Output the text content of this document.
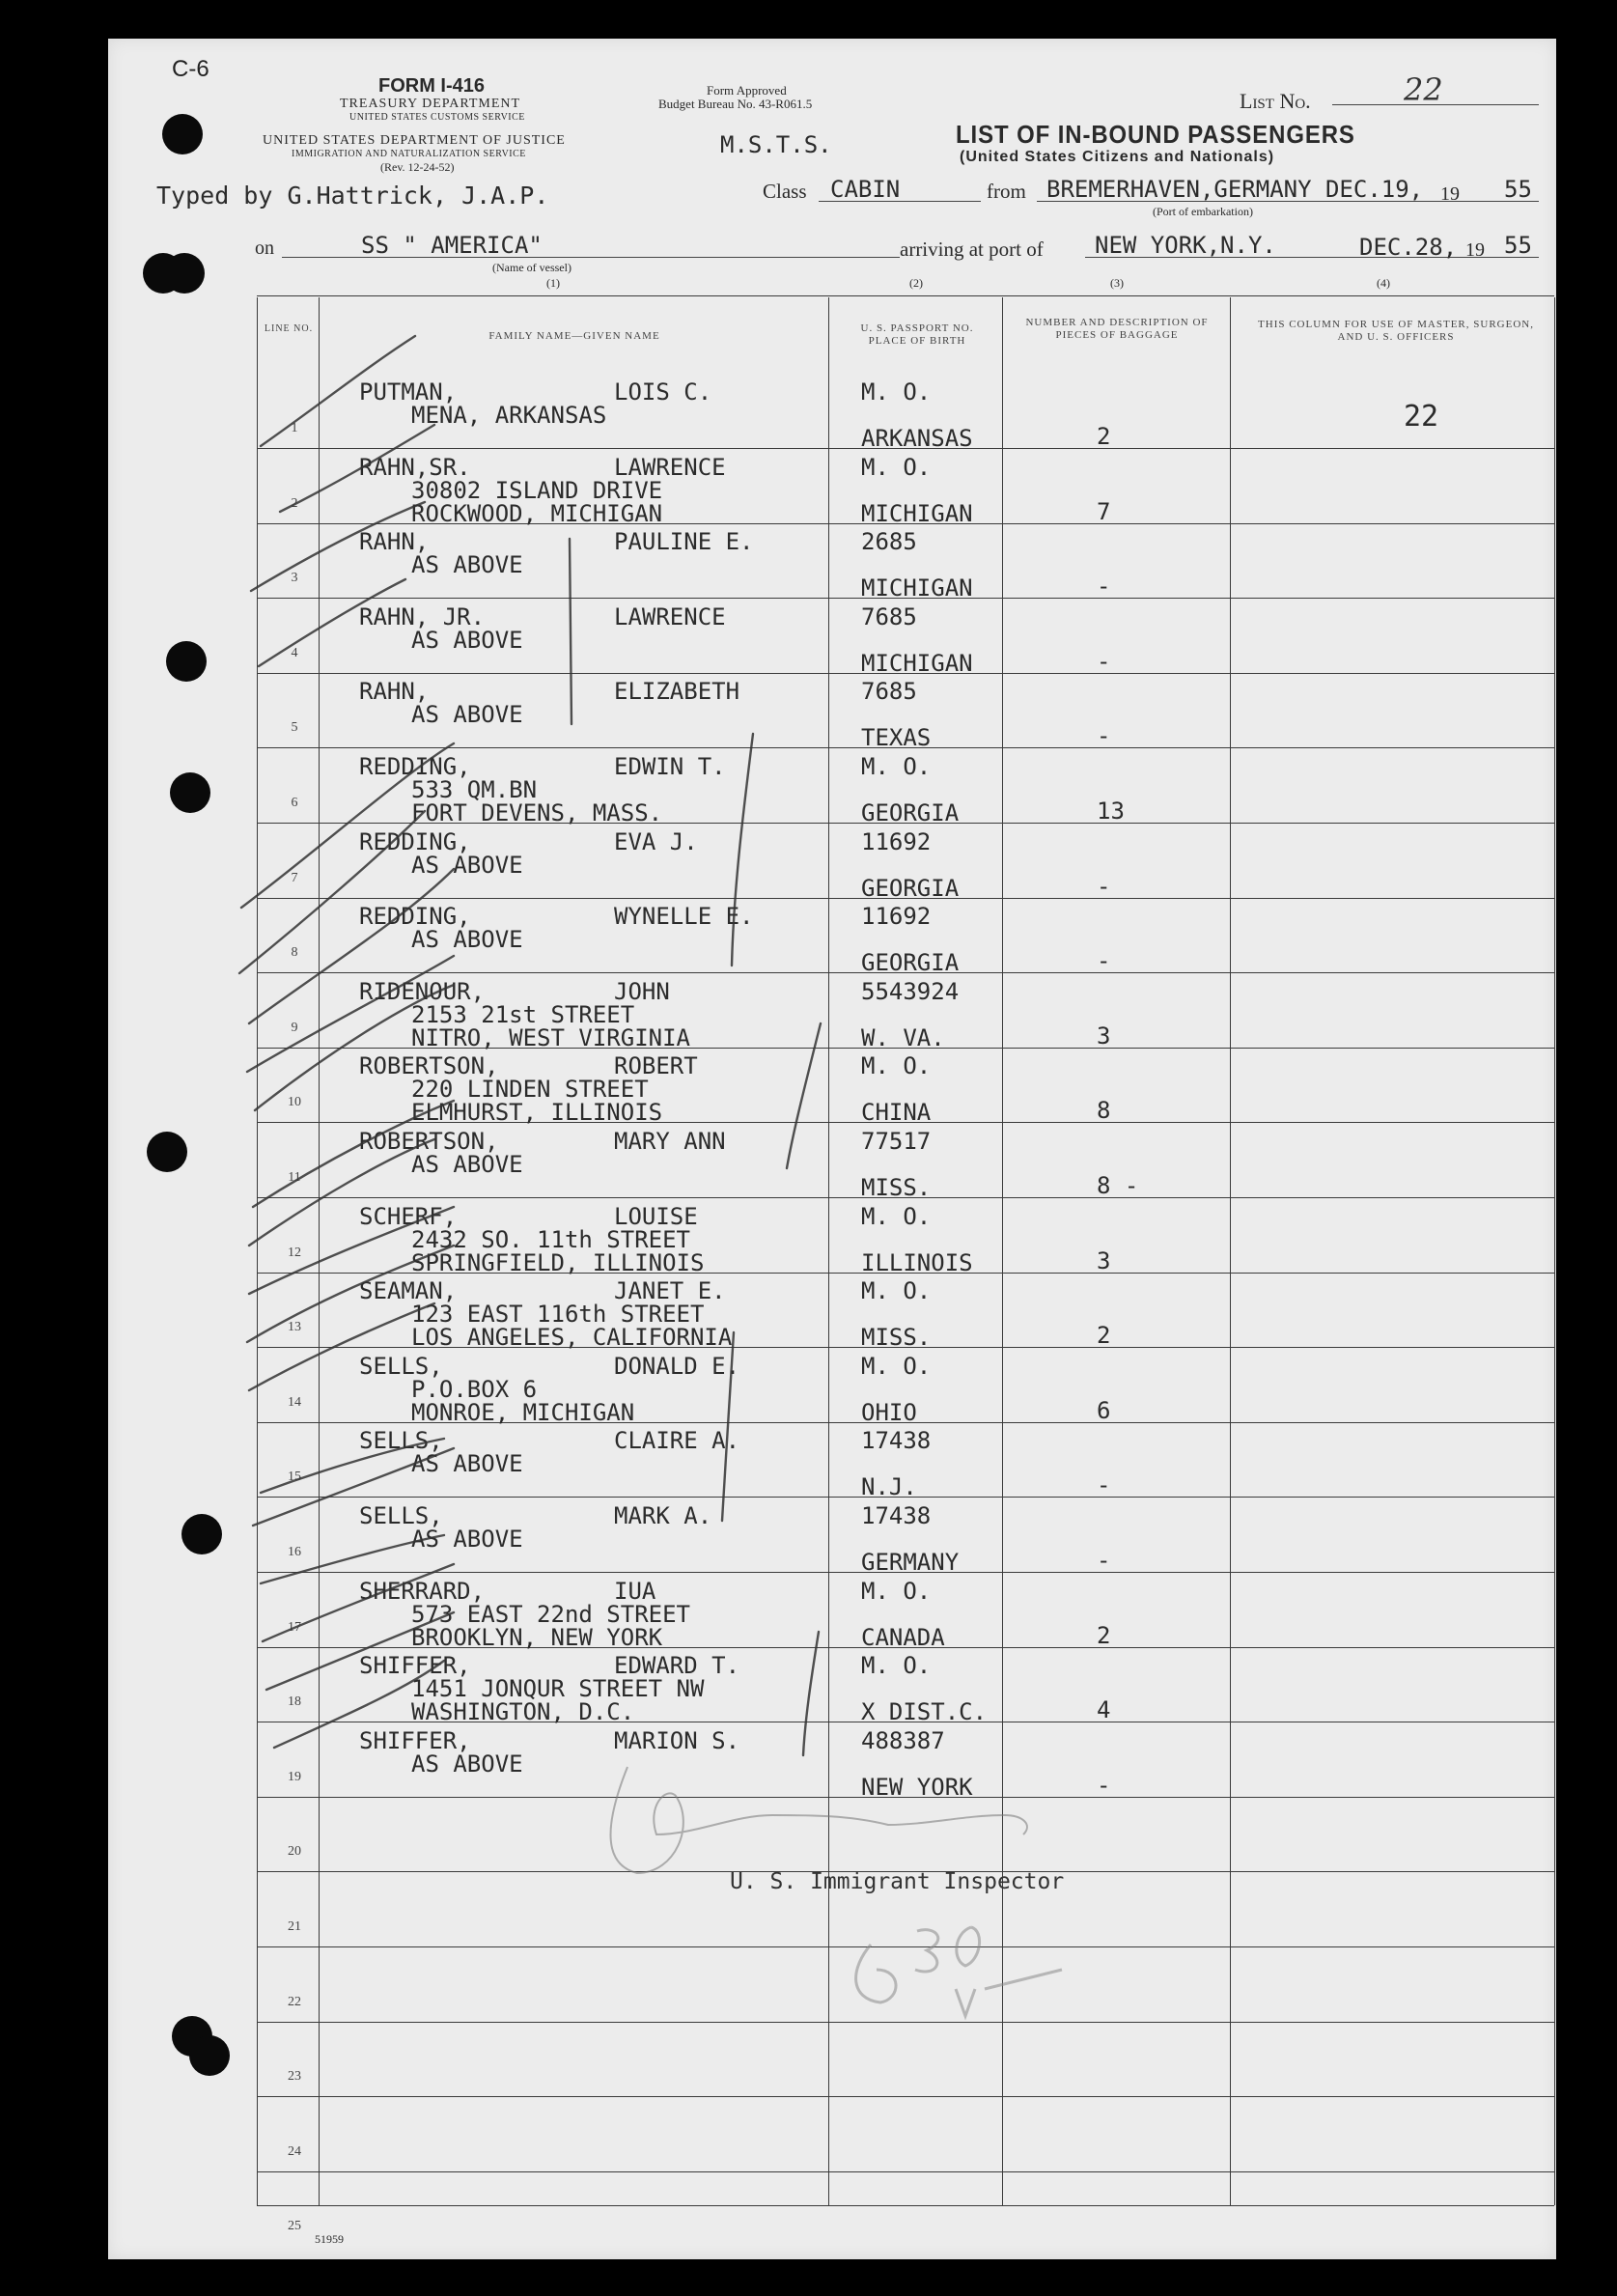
C-6
FORM I-416
TREASURY DEPARTMENT
UNITED STATES CUSTOMS SERVICE
UNITED STATES DEPARTMENT OF JUSTICE
IMMIGRATION AND NATURALIZATION SERVICE
(Rev. 12-24-52)
Form Approved
Budget Bureau No. 43-R061.5
M.S.T.S.	LIST OF IN-BOUND PASSENGERS
(United States Citizens and Nationals)
List No.	22
Typed by G.Hattrick, J.A.P.	Class CABIN	from BREMERHAVEN,GERMANY DEC.19, 19 55
(Port of embarkation)
on	SS " AMERICA"
(Name of vessel)
arriving at port of NEW YORK,N.Y.	DEC.28, 19 55
(1)	(2)	(3)	(4)
LINE NO.
FAMILY NAME—GIVEN NAME
U. S. PASSPORT NO. PLACE OF BIRTH
NUMBER AND DESCRIPTION OF PIECES OF BAGGAGE
THIS COLUMN FOR USE OF MASTER, SURGEON, AND U. S. OFFICERS
1
PUTMAN,	LOIS C.
MENA, ARKANSAS
M. O.
ARKANSAS	2
22
2
RAHN,SR.	LAWRENCE
30802 ISLAND DRIVE
ROCKWOOD, MICHIGAN
M. O.
MICHIGAN	7
3
RAHN,	PAULINE E.
AS ABOVE
2685
MICHIGAN	-
4
RAHN, JR.	LAWRENCE
AS ABOVE
7685
MICHIGAN	-
5
RAHN,	ELIZABETH
AS ABOVE
7685
TEXAS	-
6
REDDING,	EDWIN T.
533 QM.BN
FORT DEVENS, MASS.
M. O.
GEORGIA	13
7
REDDING,	EVA J.
AS ABOVE
11692
GEORGIA	-
8
REDDING,	WYNELLE E.
AS ABOVE
11692
GEORGIA	-
9
RIDENOUR,	JOHN
2153 21st STREET
NITRO, WEST VIRGINIA
5543924
W. VA.	3
10
ROBERTSON,	ROBERT
220 LINDEN STREET
ELMHURST, ILLINOIS
M. O.
CHINA	8
11
ROBERTSON,	MARY ANN
AS ABOVE
77517
MISS.	8 -
12
SCHERF,	LOUISE
2432 SO. 11th STREET
SPRINGFIELD, ILLINOIS
M. O.
ILLINOIS	3
13
SEAMAN,	JANET E.
123 EAST 116th STREET
LOS ANGELES, CALIFORNIA
M. O.
MISS.	2
14
SELLS,	DONALD E.
P.O.BOX 6
MONROE, MICHIGAN
M. O.
OHIO	6
15
SELLS,	CLAIRE A.
AS ABOVE
17438
N.J.	-
16
SELLS,	MARK A.
AS ABOVE
17438
GERMANY	-
17
SHERRARD,	IUA
573 EAST 22nd STREET
BROOKLYN, NEW YORK
M. O.
CANADA	2
18
SHIFFER,	EDWARD T.
1451 JONQUR STREET NW
WASHINGTON, D.C.
M. O.
X DIST.C.	4
19
SHIFFER,	MARION S.
AS ABOVE
488387
NEW YORK	-
20
21
22
23
24
25
U. S. Immigrant Inspector
51959
